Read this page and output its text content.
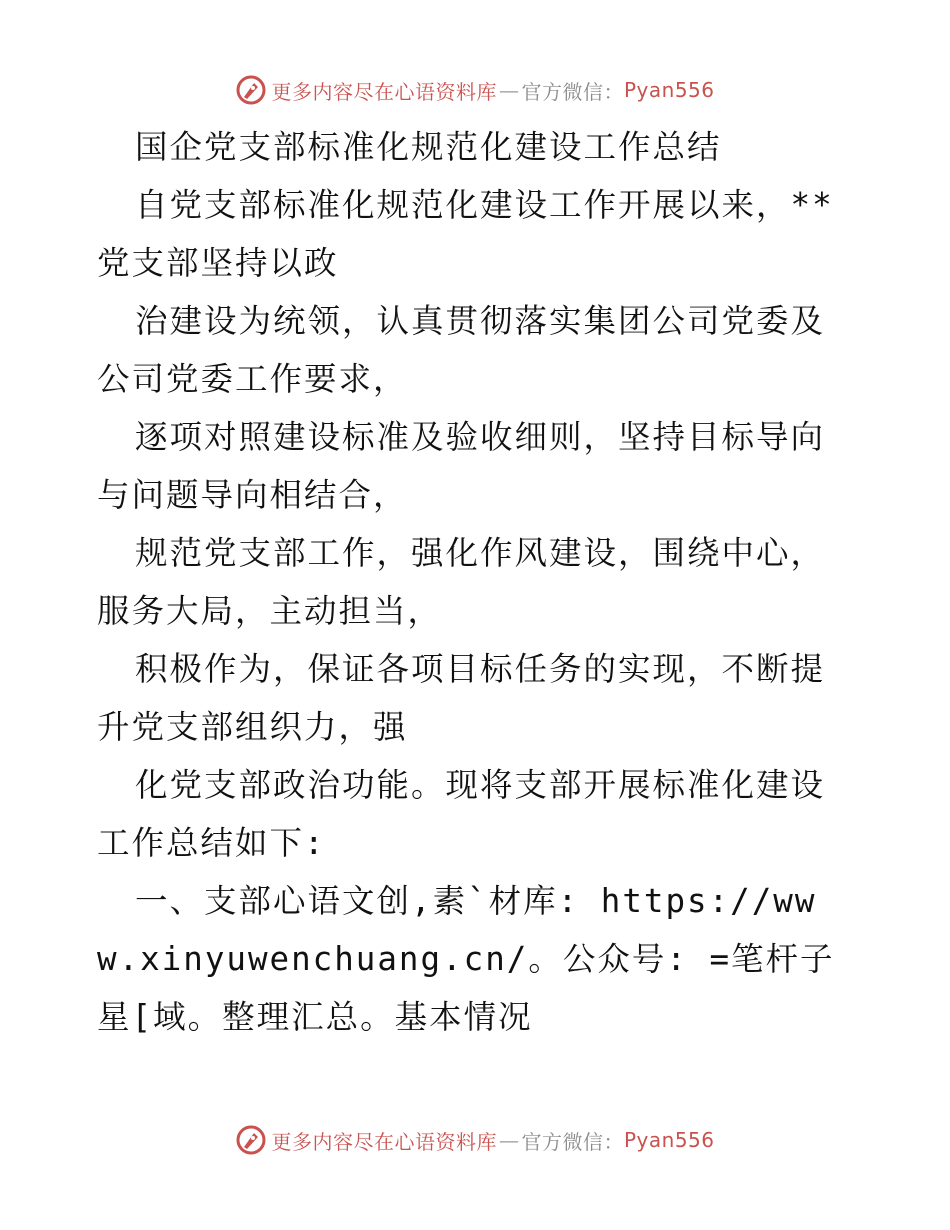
更多内容尽在心语资料库 — 官方微信： Pyan556

国企党支部标准化规范化建设工作总结

自党支部标准化规范化建设工作开展以来，**党支部坚持以政

治建设为统领，认真贯彻落实集团公司党委及公司党委工作要求，

逐项对照建设标准及验收细则，坚持目标导向与问题导向相结合，

规范党支部工作，强化作风建设，围绕中心，服务大局，主动担当，

积极作为，保证各项目标任务的实现，不断提升党支部组织力，强

化党支部政治功能。现将支部开展标准化建设工作总结如下:

一、支部心语文创,素`材库: https://www.xinyuwenchuang.cn/。公众号: =笔杆子星[域。整理汇总。基本情况

更多内容尽在心语资料库 — 官方微信： Pyan556
